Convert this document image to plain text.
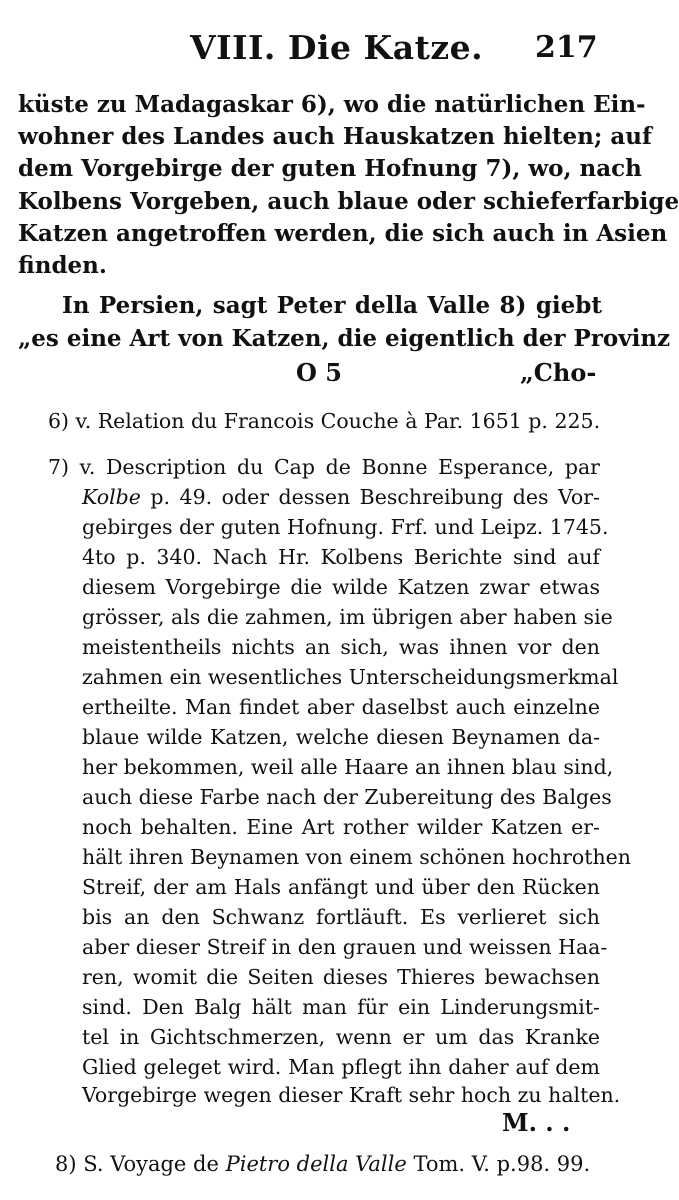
VIII. Die Katze. 217
küste zu Madagaskar 6), wo die natürlichen Ein-
wohner des Landes auch Hauskatzen hielten; auf
dem Vorgebirge der guten Hofnung 7), wo, nach
Kolbens Vorgeben, auch blaue oder schieferfarbige
Katzen angetroffen werden, die sich auch in Asien
finden.
In Persien, sagt Peter della Valle 8) giebt
„es eine Art von Katzen, die eigentlich der Provinz
O 5	„Cho-
6) v. Relation du Francois Couche à Par. 1651 p. 225.
7) v. Description du Cap de Bonne Esperance, par
Kolbe p. 49. oder dessen Beschreibung des Vor-
gebirges der guten Hofnung. Frf. und Leipz. 1745.
4to p. 340. Nach Hr. Kolbens Berichte sind auf
diesem Vorgebirge die wilde Katzen zwar etwas
grösser, als die zahmen, im übrigen aber haben sie
meistentheils nichts an sich, was ihnen vor den
zahmen ein wesentliches Unterscheidungsmerkmal
ertheilte. Man findet aber daselbst auch einzelne
blaue wilde Katzen, welche diesen Beynamen da-
her bekommen, weil alle Haare an ihnen blau sind,
auch diese Farbe nach der Zubereitung des Balges
noch behalten. Eine Art rother wilder Katzen er-
hält ihren Beynamen von einem schönen hochrothen
Streif, der am Hals anfängt und über den Rücken
bis an den Schwanz fortläuft. Es verlieret sich
aber dieser Streif in den grauen und weissen Haa-
ren, womit die Seiten dieses Thieres bewachsen
sind. Den Balg hält man für ein Linderungsmit-
tel in Gichtschmerzen, wenn er um das Kranke
Glied geleget wird. Man pflegt ihn daher auf dem
Vorgebirge wegen dieser Kraft sehr hoch zu halten.
M. . .
8) S. Voyage de Pietro della Valle Tom. V. p.98. 99.
